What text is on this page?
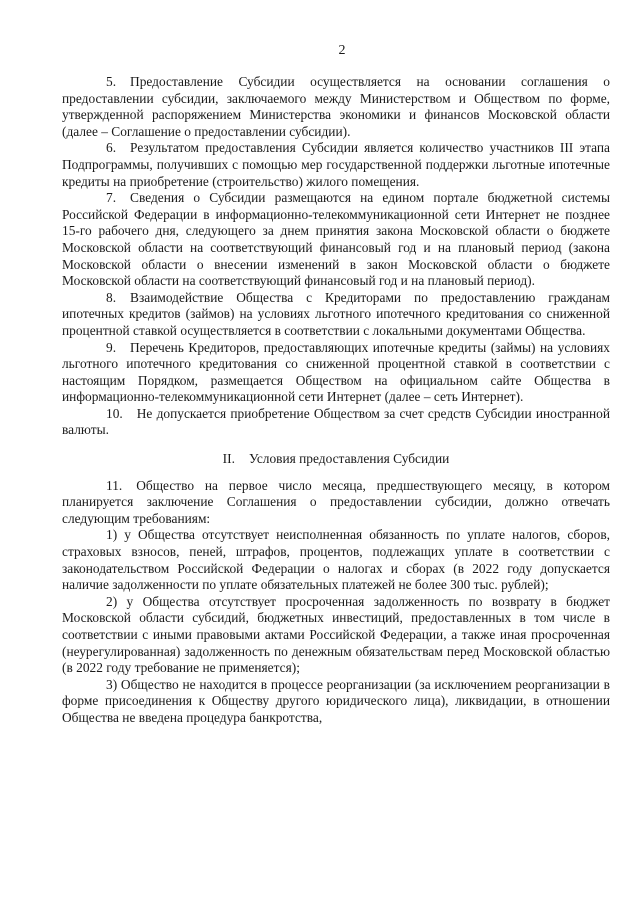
2

5. Предоставление Субсидии осуществляется на основании соглашения о предоставлении субсидии, заключаемого между Министерством и Обществом по форме, утвержденной распоряжением Министерства экономики и финансов Московской области (далее – Соглашение о предоставлении субсидии).

6. Результатом предоставления Субсидии является количество участников III этапа Подпрограммы, получивших с помощью мер государственной поддержки льготные ипотечные кредиты на приобретение (строительство) жилого помещения.

7. Сведения о Субсидии размещаются на едином портале бюджетной системы Российской Федерации в информационно-телекоммуникационной сети Интернет не позднее 15-го рабочего дня, следующего за днем принятия закона Московской области о бюджете Московской области на соответствующий финансовый год и на плановый период (закона Московской области о внесении изменений в закон Московской области о бюджете Московской области на соответствующий финансовый год и на плановый период).

8. Взаимодействие Общества с Кредиторами по предоставлению гражданам ипотечных кредитов (займов) на условиях льготного ипотечного кредитования со сниженной процентной ставкой осуществляется в соответствии с локальными документами Общества.

9. Перечень Кредиторов, предоставляющих ипотечные кредиты (займы) на условиях льготного ипотечного кредитования со сниженной процентной ставкой в соответствии с настоящим Порядком, размещается Обществом на официальном сайте Общества в информационно-телекоммуникационной сети Интернет (далее – сеть Интернет).

10. Не допускается приобретение Обществом за счет средств Субсидии иностранной валюты.

II. Условия предоставления Субсидии

11. Общество на первое число месяца, предшествующего месяцу, в котором планируется заключение Соглашения о предоставлении субсидии, должно отвечать следующим требованиям:

1) у Общества отсутствует неисполненная обязанность по уплате налогов, сборов, страховых взносов, пеней, штрафов, процентов, подлежащих уплате в соответствии с законодательством Российской Федерации о налогах и сборах (в 2022 году допускается наличие задолженности по уплате обязательных платежей не более 300 тыс. рублей);

2) у Общества отсутствует просроченная задолженность по возврату в бюджет Московской области субсидий, бюджетных инвестиций, предоставленных в том числе в соответствии с иными правовыми актами Российской Федерации, а также иная просроченная (неурегулированная) задолженность по денежным обязательствам перед Московской областью (в 2022 году требование не применяется);

3) Общество не находится в процессе реорганизации (за исключением реорганизации в форме присоединения к Обществу другого юридического лица), ликвидации, в отношении Общества не введена процедура банкротства,
